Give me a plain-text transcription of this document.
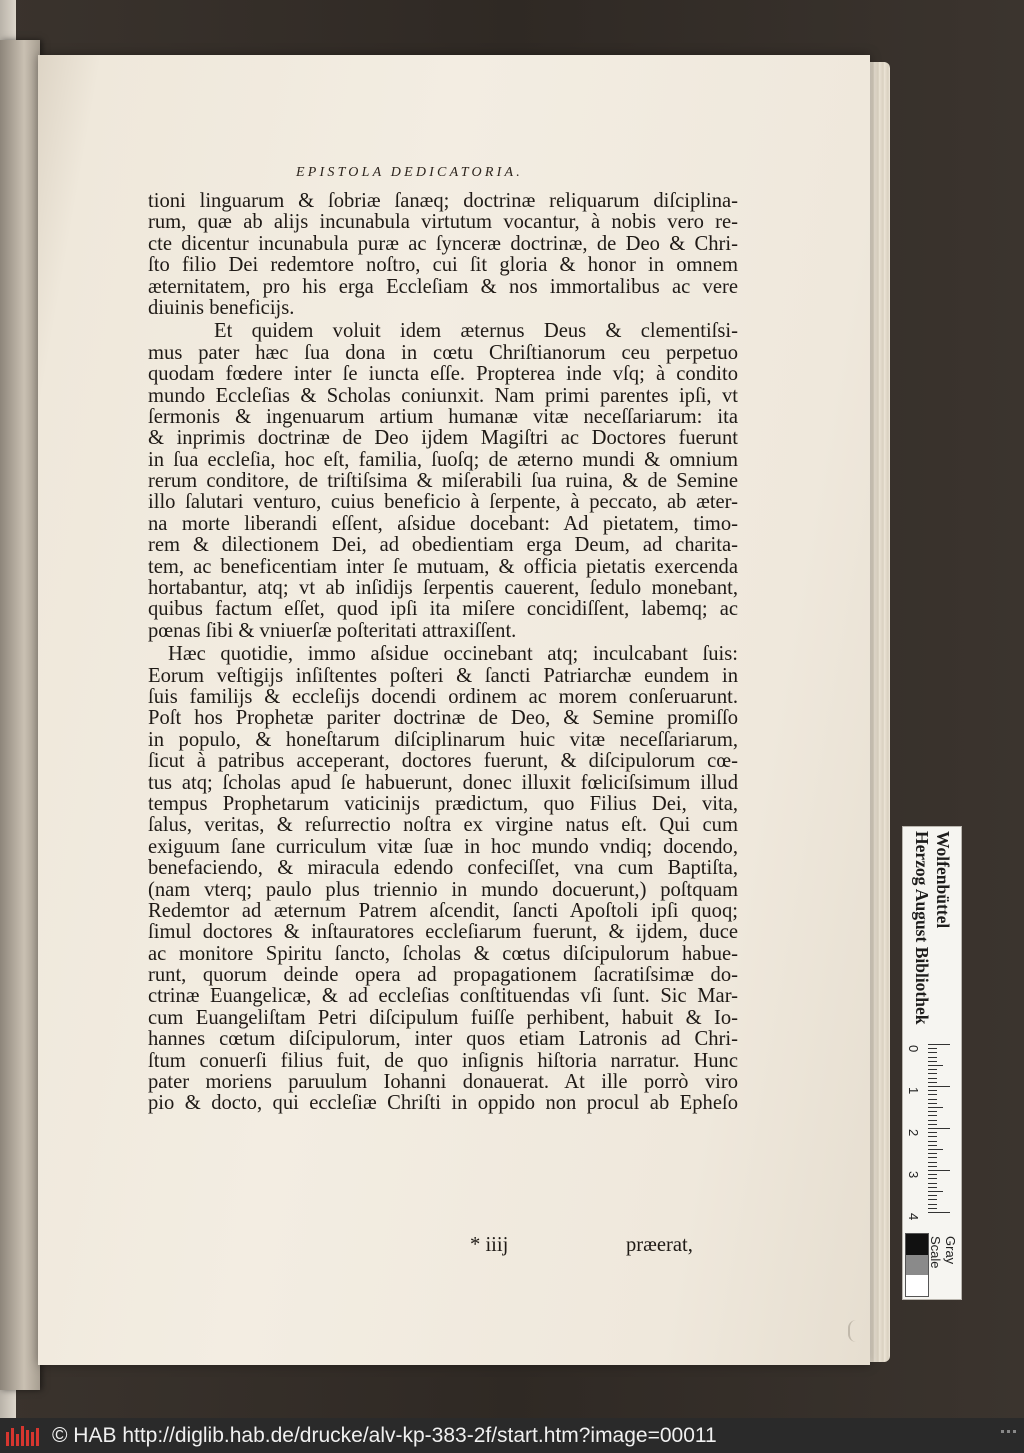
EPISTOLA DEDICATORIA.
tioni linguarum & ſobriæ ſanæq; doctrinæ reliquarum diſciplina-
rum, quæ ab alijs incunabula virtutum vocantur, à nobis vero re-
cte dicentur incunabula puræ ac ſynceræ doctrinæ, de Deo & Chri-
ſto filio Dei redemtore noſtro, cui ſit gloria & honor in omnem
æternitatem, pro his erga Eccleſiam & nos immortalibus ac vere
diuinis beneficijs.
Et quidem voluit idem æternus Deus & clementiſsi-
mus pater hæc ſua dona in cœtu Chriſtianorum ceu perpetuo
quodam fœdere inter ſe iuncta eſſe. Propterea inde vſq; à condito
mundo Eccleſias & Scholas coniunxit. Nam primi parentes ipſi, vt
ſermonis & ingenuarum artium humanæ vitæ neceſſariarum: ita
& inprimis doctrinæ de Deo ijdem Magiſtri ac Doctores fuerunt
in ſua eccleſia, hoc eſt, familia, ſuoſq; de æterno mundi & omnium
rerum conditore, de triſtiſsima & miſerabili ſua ruina, & de Semine
illo ſalutari venturo, cuius beneficio à ſerpente, à peccato, ab æter-
na morte liberandi eſſent, aſsidue docebant: Ad pietatem, timo-
rem & dilectionem Dei, ad obedientiam erga Deum, ad charita-
tem, ac beneficentiam inter ſe mutuam, & officia pietatis exercenda
hortabantur, atq; vt ab inſidijs ſerpentis cauerent, ſedulo monebant,
quibus factum eſſet, quod ipſi ita miſere concidiſſent, labemq; ac
pœnas ſibi & vniuerſæ poſteritati attraxiſſent.
Hæc quotidie, immo aſsidue occinebant atq; inculcabant ſuis:
Eorum veſtigijs inſiſtentes poſteri & ſancti Patriarchæ eundem in
ſuis familijs & eccleſijs docendi ordinem ac morem conſeruarunt.
Poſt hos Prophetæ pariter doctrinæ de Deo, & Semine promiſſo
in populo, & honeſtarum diſciplinarum huic vitæ neceſſariarum,
ſicut à patribus acceperant, doctores fuerunt, & diſcipulorum cœ-
tus atq; ſcholas apud ſe habuerunt, donec illuxit fœliciſsimum illud
tempus Prophetarum vaticinijs prædictum, quo Filius Dei, vita,
ſalus, veritas, & reſurrectio noſtra ex virgine natus eſt. Qui cum
exiguum ſane curriculum vitæ ſuæ in hoc mundo vndiq; docendo,
benefaciendo, & miracula edendo confeciſſet, vna cum Baptiſta,
(nam vterq; paulo plus triennio in mundo docuerunt,) poſtquam
Redemtor ad æternum Patrem aſcendit, ſancti Apoſtoli ipſi quoq;
ſimul doctores & inſtauratores eccleſiarum fuerunt, & ijdem, duce
ac monitore Spiritu ſancto, ſcholas & cœtus diſcipulorum habue-
runt, quorum deinde opera ad propagationem ſacratiſsimæ do-
ctrinæ Euangelicæ, & ad eccleſias conſtituendas vſi ſunt. Sic Mar-
cum Euangeliſtam Petri diſcipulum fuiſſe perhibent, habuit & Io-
hannes cœtum diſcipulorum, inter quos etiam Latronis ad Chri-
ſtum conuerſi filius fuit, de quo inſignis hiſtoria narratur. Hunc
pater moriens paruulum Iohanni donauerat. At ille porrò viro
pio & docto, qui eccleſiæ Chriſti in oppido non procul ab Epheſo
* iiij	præerat,
Herzog August Bibliothek Wolfenbüttel
0
1
2
3
4
Gray Scale
© HAB http://diglib.hab.de/drucke/alv-kp-383-2f/start.htm?image=00011
